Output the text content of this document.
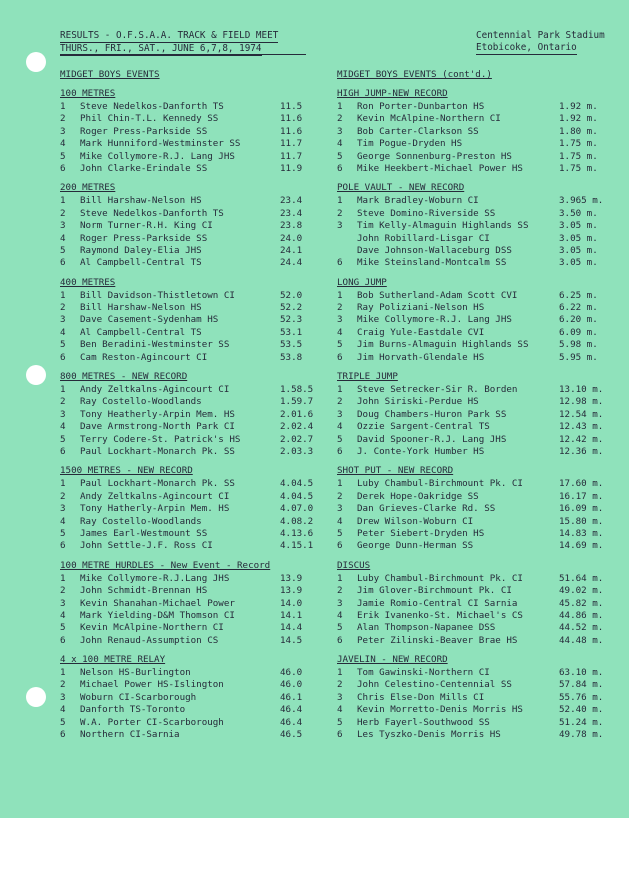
RESULTS - O.F.S.A.A. TRACK & FIELD MEET
THURS., FRI., SAT., JUNE 6,7,8, 1974
Centennial Park Stadium
Etobicoke, Ontario
MIDGET BOYS EVENTS
100 METRES
1	Steve Nedelkos-Danforth TS	11.5
2	Phil Chin-T.L. Kennedy SS	11.6
3	Roger Press-Parkside SS	11.6
4	Mark Hunniford-Westminster SS	11.7
5	Mike Collymore-R.J. Lang JHS	11.7
6	John Clarke-Erindale SS	11.9
200 METRES
1	Bill Harshaw-Nelson HS	23.4
2	Steve Nedelkos-Danforth TS	23.4
3	Norm Turner-R.H. King CI	23.8
4	Roger Press-Parkside SS	24.0
5	Raymond Daley-Elia JHS	24.1
6	Al Campbell-Central TS	24.4
400 METRES
1	Bill Davidson-Thistletown CI	52.0
2	Bill Harshaw-Nelson HS	52.2
3	Dave Casement-Sydenham HS	52.3
4	Al Campbell-Central TS	53.1
5	Ben Beradini-Westminster SS	53.5
6	Cam Reston-Agincourt CI	53.8
800 METRES - NEW RECORD
1	Andy Zeltkalns-Agincourt CI	1.58.5
2	Ray Costello-Woodlands	1.59.7
3	Tony Heatherly-Arpin Mem. HS	2.01.6
4	Dave Armstrong-North Park CI	2.02.4
5	Terry Codere-St. Patrick's HS	2.02.7
6	Paul Lockhart-Monarch Pk. SS	2.03.3
1500 METRES - NEW RECORD
1	Paul Lockhart-Monarch Pk. SS	4.04.5
2	Andy Zeltkalns-Agincourt CI	4.04.5
3	Tony Hatherly-Arpin Mem. HS	4.07.0
4	Ray Costello-Woodlands	4.08.2
5	James Earl-Westmount SS	4.13.6
6	John Settle-J.F. Ross CI	4.15.1
100 METRE HURDLES - New Event - Record
1	Mike Collymore-R.J.Lang JHS	13.9
2	John Schmidt-Brennan HS	13.9
3	Kevin Shanahan-Michael Power	14.0
4	Mark Yielding-D&M Thomson CI	14.1
5	Kevin McAlpine-Northern CI	14.4
6	John Renaud-Assumption CS	14.5
4 x 100 METRE RELAY
1	Nelson HS-Burlington	46.0
2	Michael Power HS-Islington	46.0
3	Woburn CI-Scarborough	46.1
4	Danforth TS-Toronto	46.4
5	W.A. Porter CI-Scarborough	46.4
6	Northern CI-Sarnia	46.5
MIDGET BOYS EVENTS (cont'd.)
HIGH JUMP-NEW RECORD
1	Ron Porter-Dunbarton HS	1.92 m.
2	Kevin McAlpine-Northern CI	1.92 m.
3	Bob Carter-Clarkson SS	1.80 m.
4	Tim Pogue-Dryden HS	1.75 m.
5	George Sonnenburg-Preston HS	1.75 m.
6	Mike Heekbert-Michael Power HS	1.75 m.
POLE VAULT - NEW RECORD
1	Mark Bradley-Woburn CI	3.965 m.
2	Steve Domino-Riverside SS	3.50 m.
3	Tim Kelly-Almaguin Highlands SS	3.05 m.
John Robillard-Lisgar CI	3.05 m.
Dave Johnson-Wallaceburg DSS	3.05 m.
6	Mike Steinsland-Montcalm SS	3.05 m.
LONG JUMP
1	Bob Sutherland-Adam Scott CVI	6.25 m.
2	Ray Poliziani-Nelson HS	6.22 m.
3	Mike Collymore-R.J. Lang JHS	6.20 m.
4	Craig Yule-Eastdale CVI	6.09 m.
5	Jim Burns-Almaguin Highlands SS	5.98 m.
6	Jim Horvath-Glendale HS	5.95 m.
TRIPLE JUMP
1	Steve Setrecker-Sir R. Borden	13.10 m.
2	John Siriski-Perdue HS	12.98 m.
3	Doug Chambers-Huron Park SS	12.54 m.
4	Ozzie Sargent-Central TS	12.43 m.
5	David Spooner-R.J. Lang JHS	12.42 m.
6	J. Conte-York Humber HS	12.36 m.
SHOT PUT - NEW RECORD
1	Luby Chambul-Birchmount Pk. CI	17.60 m.
2	Derek Hope-Oakridge SS	16.17 m.
3	Dan Grieves-Clarke Rd. SS	16.09 m.
4	Drew Wilson-Woburn CI	15.80 m.
5	Peter Siebert-Dryden HS	14.83 m.
6	George Dunn-Herman SS	14.69 m.
DISCUS
1	Luby Chambul-Birchmount Pk. CI	51.64 m.
2	Jim Glover-Birchmount Pk. CI	49.02 m.
3	Jamie Romio-Central CI Sarnia	45.82 m.
4	Erik Ivanenko-St. Michael's CS	44.86 m.
5	Alan Thompson-Napanee DSS	44.52 m.
6	Peter Zilinski-Beaver Brae HS	44.48 m.
JAVELIN - NEW RECORD
1	Tom Gawinski-Northern CI	63.10 m.
2	John Celestino-Centennial SS	57.84 m.
3	Chris Else-Don Mills CI	55.76 m.
4	Kevin Morretto-Denis Morris HS	52.40 m.
5	Herb Fayerl-Southwood SS	51.24 m.
6	Les Tyszko-Denis Morris HS	49.78 m.
